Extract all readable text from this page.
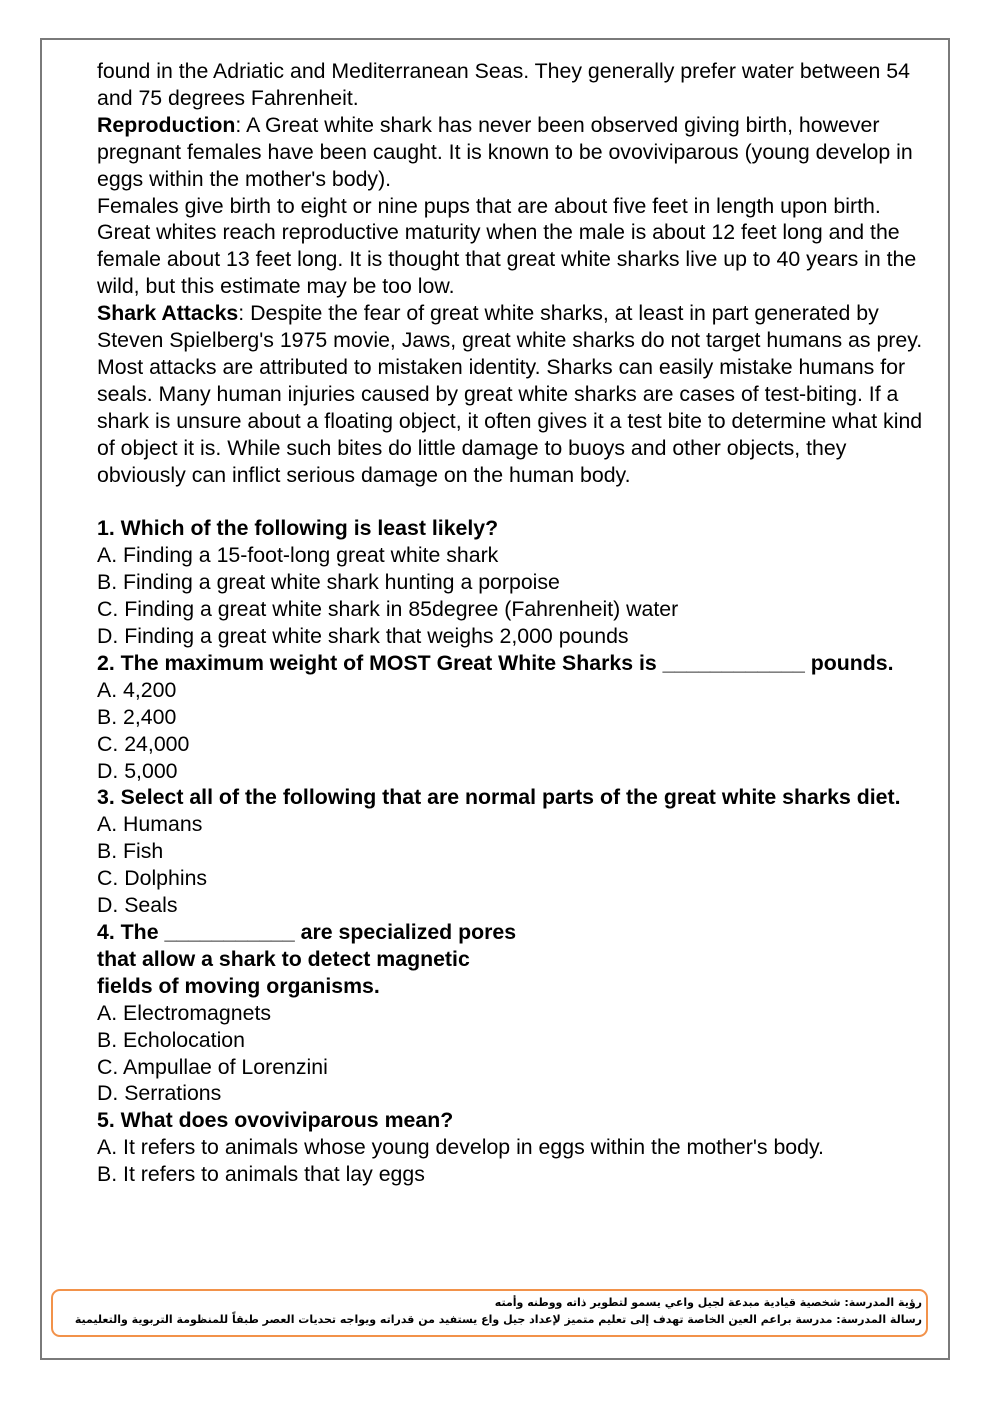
found in the Adriatic and Mediterranean Seas. They generally prefer water between 54 and 75 degrees Fahrenheit.

Reproduction: A Great white shark has never been observed giving birth, however pregnant females have been caught. It is known to be ovoviviparous (young develop in eggs within the mother's body).

Females give birth to eight or nine pups that are about five feet in length upon birth. Great whites reach reproductive maturity when the male is about 12 feet long and the female about 13 feet long. It is thought that great white sharks live up to 40 years in the wild, but this estimate may be too low.

Shark Attacks: Despite the fear of great white sharks, at least in part generated by Steven Spielberg's 1975 movie, Jaws, great white sharks do not target humans as prey. Most attacks are attributed to mistaken identity. Sharks can easily mistake humans for seals. Many human injuries caused by great white sharks are cases of test-biting. If a shark is unsure about a floating object, it often gives it a test bite to determine what kind of object it is. While such bites do little damage to buoys and other objects, they obviously can inflict serious damage on the human body.

1. Which of the following is least likely?

A. Finding a 15-foot-long great white shark

B. Finding a great white shark hunting a porpoise

C. Finding a great white shark in 85degree (Fahrenheit) water

D. Finding a great white shark that weighs 2,000 pounds

2. The maximum weight of MOST Great White Sharks is ____________ pounds.

A. 4,200

B. 2,400

C. 24,000

D. 5,000

3. Select all of the following that are normal parts of the great white sharks diet.

A. Humans

B. Fish

C. Dolphins

D. Seals

4. The ___________ are specialized pores

that allow a shark to detect magnetic

fields of moving organisms.

A. Electromagnets

B. Echolocation

C. Ampullae of Lorenzini

D. Serrations

5. What does ovoviviparous mean?

A. It refers to animals whose young develop in eggs within the mother's body.

B. It refers to animals that lay eggs

رؤية المدرسة: شخصية قيادية مبدعة لجيل واعي يسمو لتطوير ذاته ووطنه وأمته
رسالة المدرسة: مدرسة براعم العين الخاصة تهدف إلى تعليم متميز لإعداد جيل واع يستفيد من قدراته ويواجه تحديات العصر طبقاً للمنظومة التربوية والتعليمية
